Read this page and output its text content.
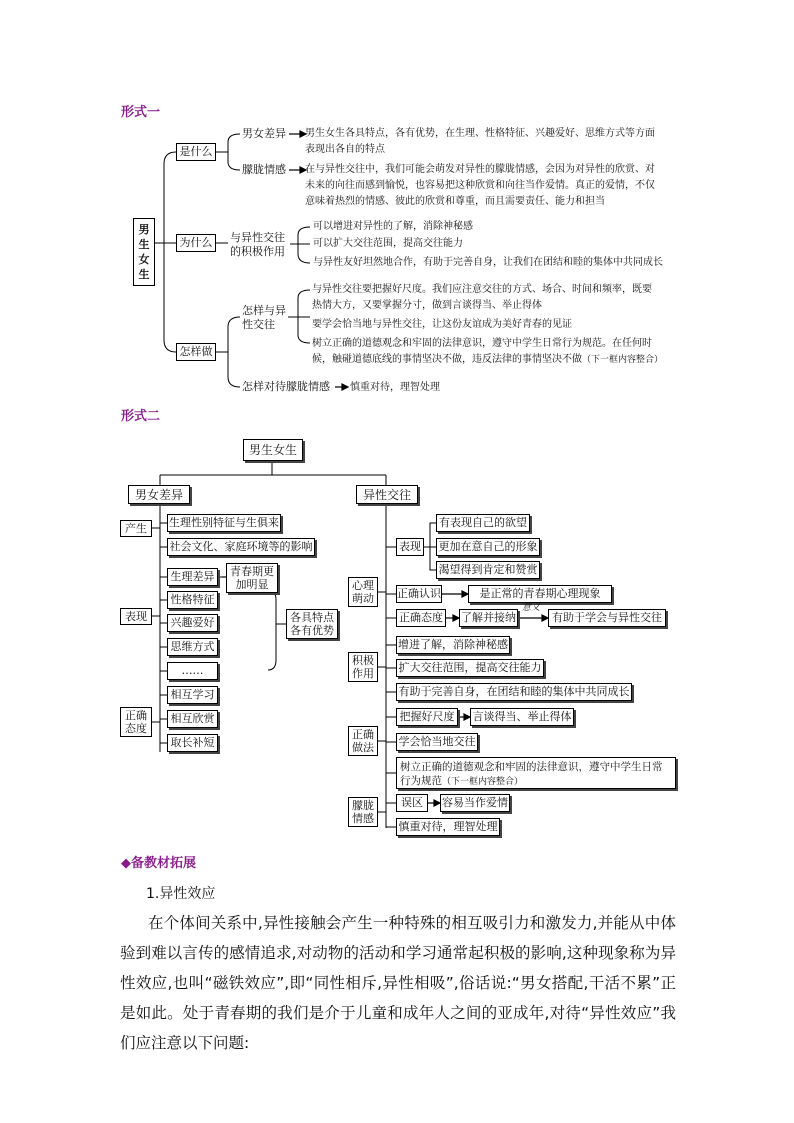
形式一
男生
女生
是什么
男女差异 男生女生各具特点，各有优势，在生理、性格特征、兴趣爱好、思维方式等方面
表现出各自的特点
朦胧情感 在与异性交往中，我们可能会萌发对异性的朦胧情感，会因为对异性的欣赏、对
未来的向往而感到愉悦，也容易把这种欣赏和向往当作爱情。真正的爱情，不仅
意味着热烈的情感、彼此的欣赏和尊重，而且需要责任、能力和担当
为什么	与异性交往
的积极作用
可以增进对异性的了解，消除神秘感
可以扩大交往范围，提高交往能力
与异性友好坦然地合作，有助于完善自身，让我们在团结和睦的集体中共同成长
怎样做
怎样与异
性交往
与异性交往要把握好尺度。我们应注意交往的方式、场合、时间和频率，既要
热情大方，又要掌握分寸，做到言谈得当、举止得体
要学会恰当地与异性交往，让这份友谊成为美好青春的见证
树立正确的道德观念和牢固的法律意识，遵守中学生日常行为规范。在任何时
候，触碰道德底线的事情坚决不做，违反法律的事情坚决不做（下一框内容整合）
怎样对待朦胧情感 慎重对待，理智处理
形式二
男生女生
男女差异
产生	生理性别特征与生俱来
社会文化、家庭环境等的影响
表现
生理差异
性格特征
兴趣爱好
思维方式
……
青春期更
加明显
各具特点
各有优势
正确
态度
相互学习
相互欣赏
取长补短
异性交往
心理
萌动
表现
有表现自己的欲望
更加在意自己的形象
渴望得到肯定和赞赏
正确认识	是正常的青春期心理现象
正确态度 了解并接纳
意义
有助于学会与异性交往
积极
作用
增进了解，消除神秘感
扩大交往范围，提高交往能力
有助于完善自身，在团结和睦的集体中共同成长
正确
做法
把握好尺度	言谈得当、举止得体
学会恰当地交往
树立正确的道德观念和牢固的法律意识，遵守中学生日常
行为规范（下一框内容整合）
朦胧
情感
误区	容易当作爱情
慎重对待，理智处理
◆备教材拓展
1.异性效应
在个体间关系中,异性接触会产生一种特殊的相互吸引力和激发力,并能从中体验到难以言传的感情追求,对动物的活动和学习通常起积极的影响,这种现象称为异性效应,也叫“磁铁效应”,即“同性相斥,异性相吸”,俗话说:“男女搭配,干活不累”正是如此。处于青春期的我们是介于儿童和成年人之间的亚成年,对待“异性效应”我们应注意以下问题:
